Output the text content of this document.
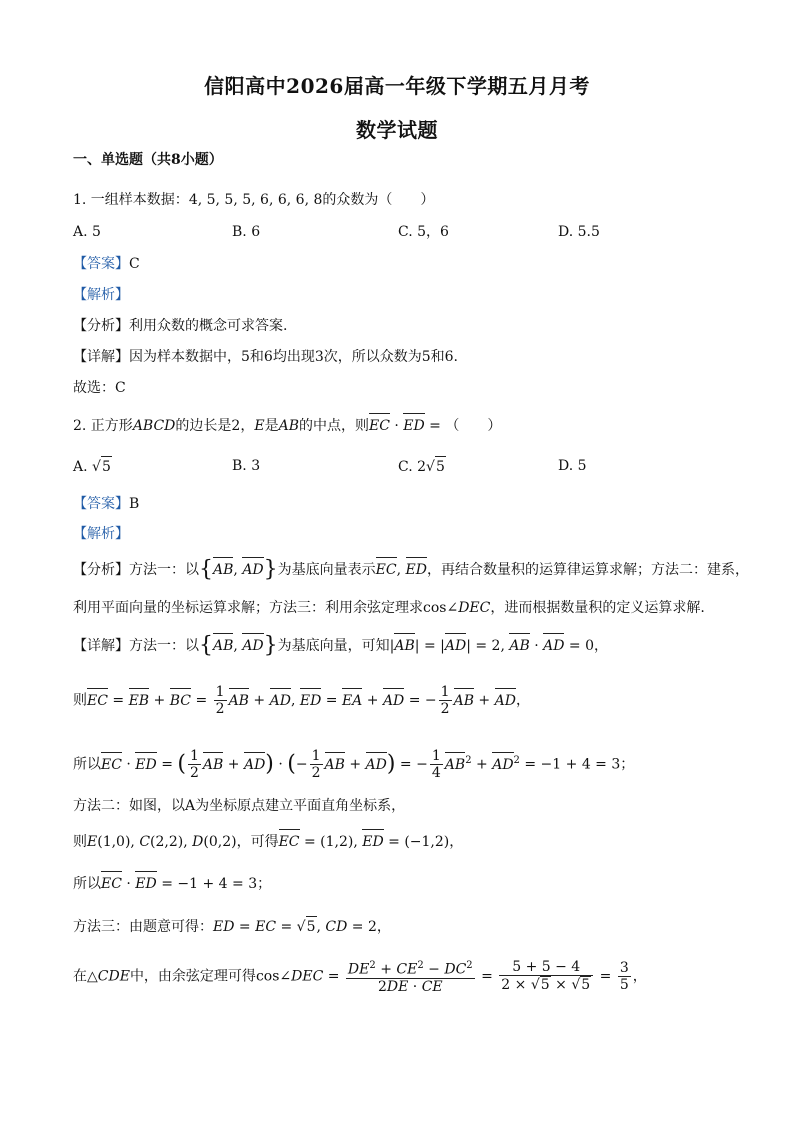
信阳高中2026届高一年级下学期五月月考
数学试题
一、单选题（共8小题）
1. 一组样本数据：4, 5, 5, 5, 6, 6, 6, 8的众数为（　　）
A. 5	B. 6	C. 5，6	D. 5.5
【答案】C
【解析】
【分析】利用众数的概念可求答案.
【详解】因为样本数据中，5和6均出现3次，所以众数为5和6.
故选：C
2. 正方形ABCD的边长是2，E是AB的中点，则EC · ED = （　　）
A. √5	B. 3	C. 2√5	D. 5
【答案】B
【解析】
【分析】方法一：以{AB, AD}为基底向量表示EC, ED，再结合数量积的运算律运算求解；方法二：建系，
利用平面向量的坐标运算求解；方法三：利用余弦定理求cos∠DEC，进而根据数量积的定义运算求解.
【详解】方法一：以{AB, AD}为基底向量，可知|AB| = |AD| = 2, AB · AD = 0，
则EC = EB + BC = $\frac{1}{2}$ AB + AD, ED = EA + AD = − $\frac{1}{2}$ AB + AD，
所以EC · ED = ( $\frac{1}{2}$ AB + AD) · (− $\frac{1}{2}$ AB + AD) = − $\frac{1}{4} AB^2 + AD^2 = -1 + 4 = 3$；
方法二：如图，以A为坐标原点建立平面直角坐标系，
则E(1,0), C(2,2), D(0,2)，可得EC = (1,2), ED = (−1,2)，
所以EC · ED = −1 + 4 = 3；
方法三：由题意可得：ED = EC = √5, CD = 2，
在△CDE中，由余弦定理可得cos∠DEC = $\frac{DE^2 + CE^2 - DC^2}{2DE \cdot CE} = \frac{5 + 5 - 4}{2 \times √5 \times √5} = \frac{3}{5}$ ，
